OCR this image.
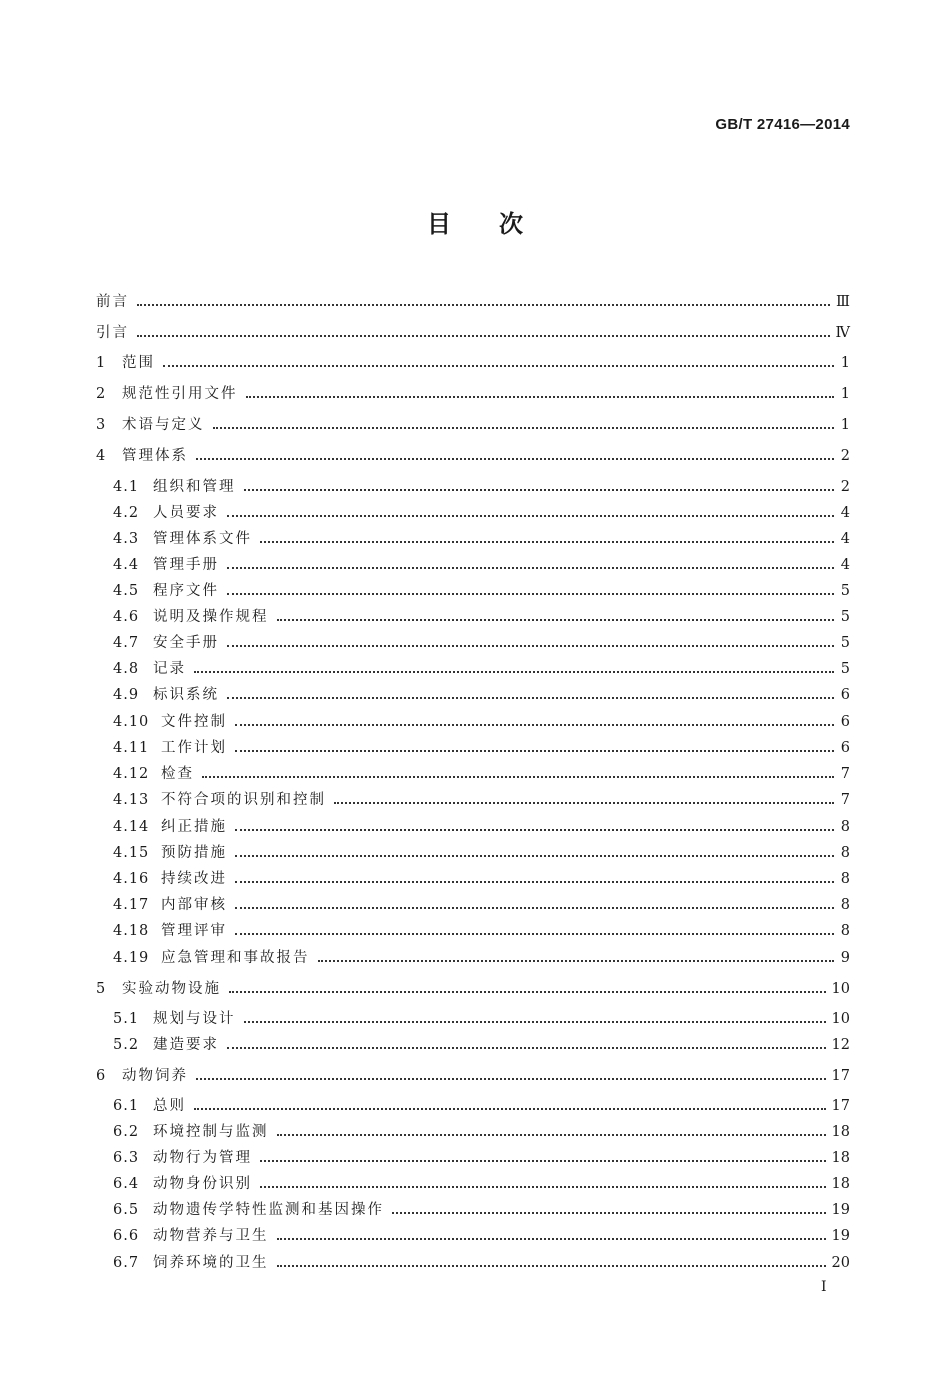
GB/T 27416—2014
目次
前言	Ⅲ
引言	Ⅳ
1	范围	1
2	规范性引用文件	1
3	术语与定义	1
4	管理体系	2
4.1 组织和管理	2
4.2 人员要求	4
4.3 管理体系文件	4
4.4 管理手册	4
4.5 程序文件	5
4.6 说明及操作规程	5
4.7 安全手册	5
4.8 记录	5
4.9 标识系统	6
4.10 文件控制	6
4.11 工作计划	6
4.12 检查	7
4.13 不符合项的识别和控制	7
4.14 纠正措施	8
4.15 预防措施	8
4.16 持续改进	8
4.17 内部审核	8
4.18 管理评审	8
4.19 应急管理和事故报告	9
5	实验动物设施	10
5.1 规划与设计	10
5.2 建造要求	12
6	动物饲养	17
6.1 总则	17
6.2 环境控制与监测	18
6.3 动物行为管理	18
6.4 动物身份识别	18
6.5 动物遗传学特性监测和基因操作	19
6.6 动物营养与卫生	19
6.7 饲养环境的卫生	20
I
